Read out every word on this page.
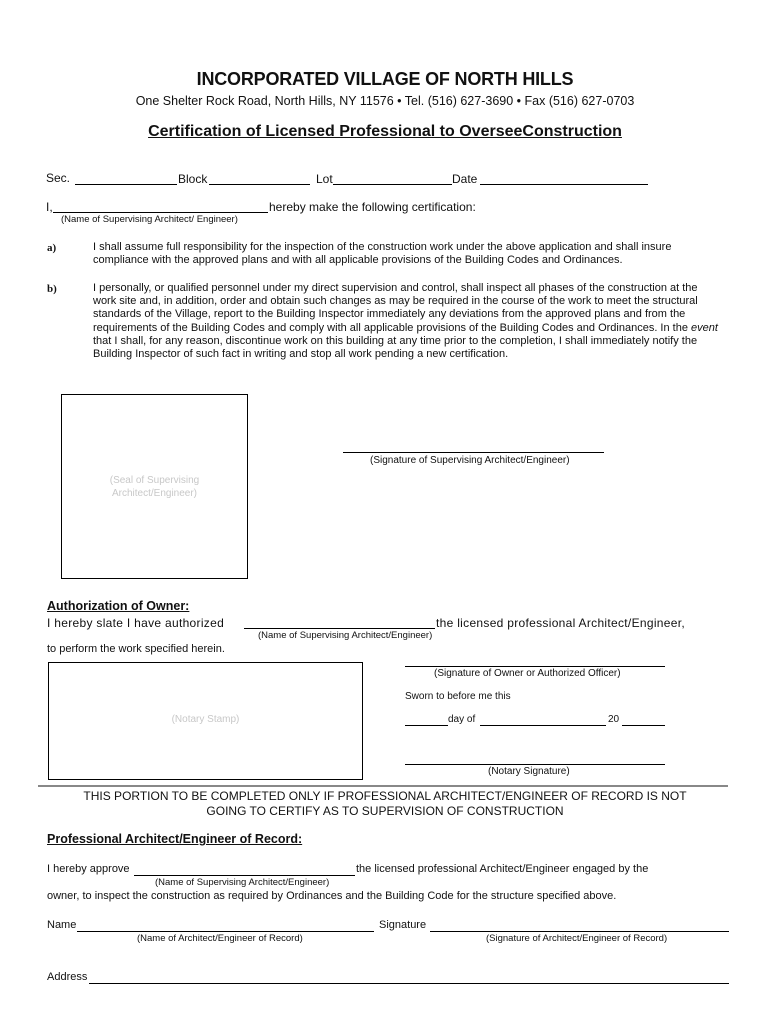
INCORPORATED VILLAGE OF NORTH HILLS
One Shelter Rock Road, North Hills, NY 11576 • Tel. (516) 627-3690 • Fax (516) 627-0703
Certification of Licensed Professional to OverseeConstruction
Sec.	Block	Lot	Date
I,	hereby make the following certification:
(Name of Supervising Architect/ Engineer)
a)	I shall assume full responsibility for the inspection of the construction work under the above application and shall insure compliance with the approved plans and with all applicable provisions of the Building Codes and Ordinances.
b)	I personally, or qualified personnel under my direct supervision and control, shall inspect all phases of the construction at the work site and, in addition, order and obtain such changes as may be required in the course of the work to meet the structural standards of the Village, report to the Building Inspector immediately any deviations from the approved plans and from the requirements of the Building Codes and comply with all applicable provisions of the Building Codes and Ordinances. In the event that I shall, for any reason, discontinue work on this building at any time prior to the completion, I shall immediately notify the Building Inspector of such fact in writing and stop all work pending a new certification.
(Seal of Supervising
Architect/Engineer)
(Signature of Supervising Architect/Engineer)
Authorization of Owner:
I hereby slate I have authorized	the licensed professional Architect/Engineer,
(Name of Supervising Architect/Engineer)
to perform the work specified herein.
(Notary Stamp)
(Signature of Owner or Authorized Officer)
Sworn to before me this
day of	20
(Notary Signature)
THIS PORTION TO BE COMPLETED ONLY IF PROFESSIONAL ARCHITECT/ENGINEER OF RECORD IS NOT
GOING TO CERTIFY AS TO SUPERVISION OF CONSTRUCTION
Professional Architect/Engineer of Record:
I hereby approve	the licensed professional Architect/Engineer engaged by the
(Name of Supervising Architect/Engineer)
owner, to inspect the construction as required by Ordinances and the Building Code for the structure specified above.
Name	Signature
(Name of Architect/Engineer of Record)	(Signature of Architect/Engineer of Record)
Address
